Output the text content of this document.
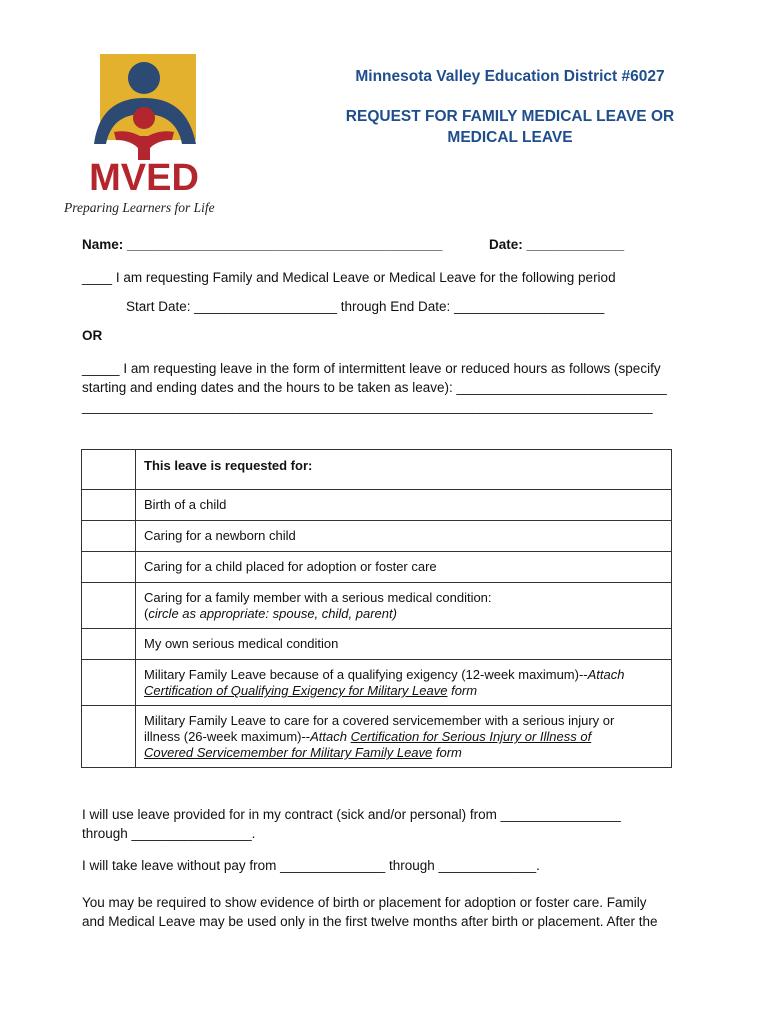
MVED
Preparing Learners for Life
Minnesota Valley Education District #6027
REQUEST FOR FAMILY MEDICAL LEAVE OR
MEDICAL LEAVE
Name: __________________________________________	Date: _____________
____ I am requesting Family and Medical Leave or Medical Leave for the following period
Start Date: ___________________ through End Date: ____________________
OR
_____ I am requesting leave in the form of intermittent leave or reduced hours as follows (specify
starting and ending dates and the hours to be taken as leave): ____________________________
____________________________________________________________________________
	This leave is requested for:
	Birth of a child
	Caring for a newborn child
	Caring for a child placed for adoption or foster care

	Caring for a family member with a serious medical condition:
(circle as appropriate: spouse, child, parent)

	My own serious medical condition

	Military Family Leave because of a qualifying exigency (12-week maximum)--Attach
Certification of Qualifying Exigency for Military Leave form

	Military Family Leave to care for a covered servicemember with a serious injury or
illness (26-week maximum)--Attach Certification for Serious Injury or Illness of
Covered Servicemember for Military Family Leave form
I will use leave provided for in my contract (sick and/or personal) from ________________
through ________________.
I will take leave without pay from ______________ through _____________.
You may be required to show evidence of birth or placement for adoption or foster care. Family
and Medical Leave may be used only in the first twelve months after birth or placement. After the
